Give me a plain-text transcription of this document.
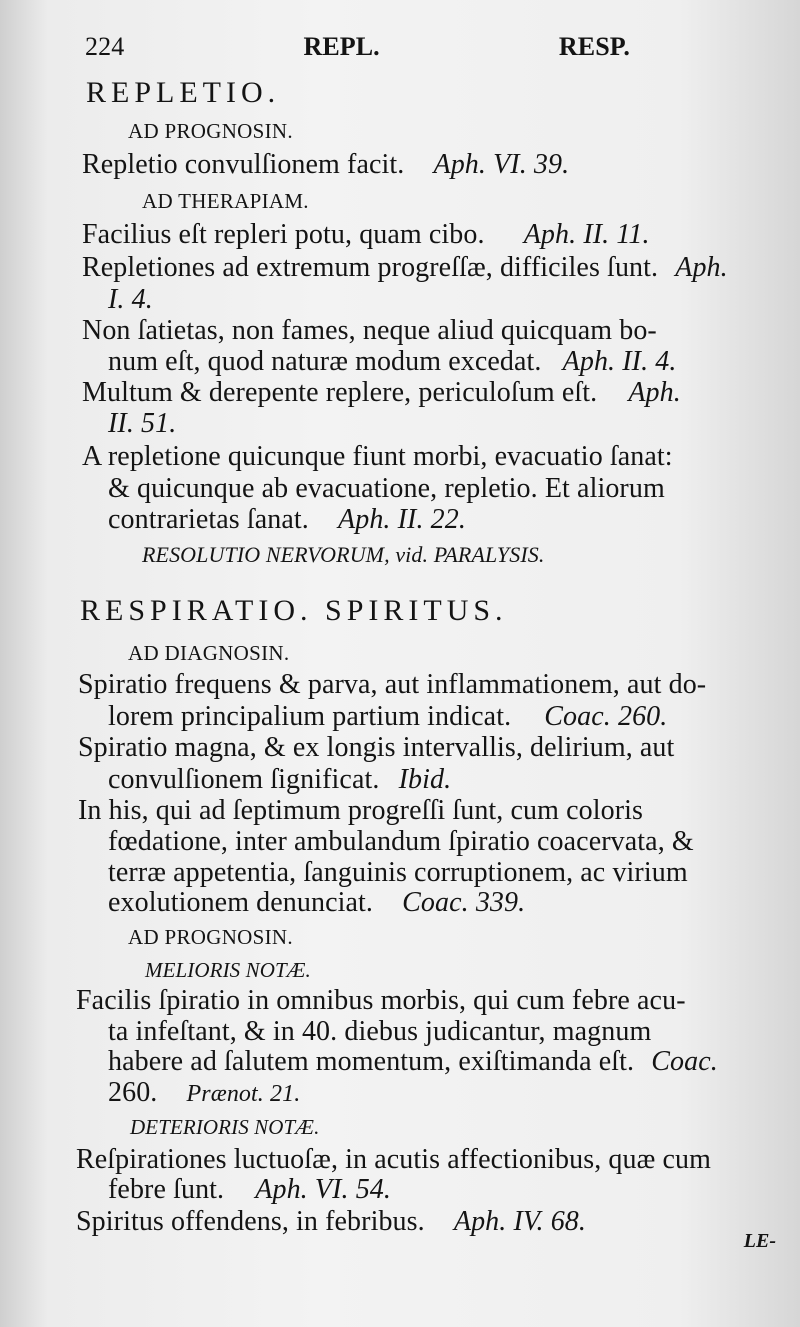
224	REPL.	RESP.
REPLETIO.
AD PROGNOSIN.
Repletio convulſionem facit. Aph. VI. 39.
AD THERAPIAM.
Facilius eſt repleri potu, quam cibo. Aph. II. 11.
Repletiones ad extremum progreſſæ, difficiles ſunt. Aph.
I. 4.
Non ſatietas, non fames, neque aliud quicquam bo-
num eſt, quod naturæ modum excedat. Aph. II. 4.
Multum & derepente replere, periculoſum eſt. Aph.
II. 51.
A repletione quicunque fiunt morbi, evacuatio ſanat:
& quicunque ab evacuatione, repletio. Et aliorum
contrarietas ſanat. Aph. II. 22.
RESOLUTIO NERVORUM, vid. PARALYSIS.
RESPIRATIO. SPIRITUS.
AD DIAGNOSIN.
Spiratio frequens & parva, aut inflammationem, aut do-
lorem principalium partium indicat. Coac. 260.
Spiratio magna, & ex longis intervallis, delirium, aut
convulſionem ſignificat. Ibid.
In his, qui ad ſeptimum progreſſi ſunt, cum coloris
fœdatione, inter ambulandum ſpiratio coacervata, &
terræ appetentia, ſanguinis corruptionem, ac virium
exolutionem denunciat. Coac. 339.
AD PROGNOSIN.
MELIORIS NOTÆ.
Facilis ſpiratio in omnibus morbis, qui cum febre acu-
ta infeſtant, & in 40. diebus judicantur, magnum
habere ad ſalutem momentum, exiſtimanda eſt. Coac.
260. Prænot. 21.
DETERIORIS NOTÆ.
Reſpirationes luctuoſæ, in acutis affectionibus, quæ cum
febre ſunt. Aph. VI. 54.
Spiritus offendens, in febribus. Aph. IV. 68.
LE-
